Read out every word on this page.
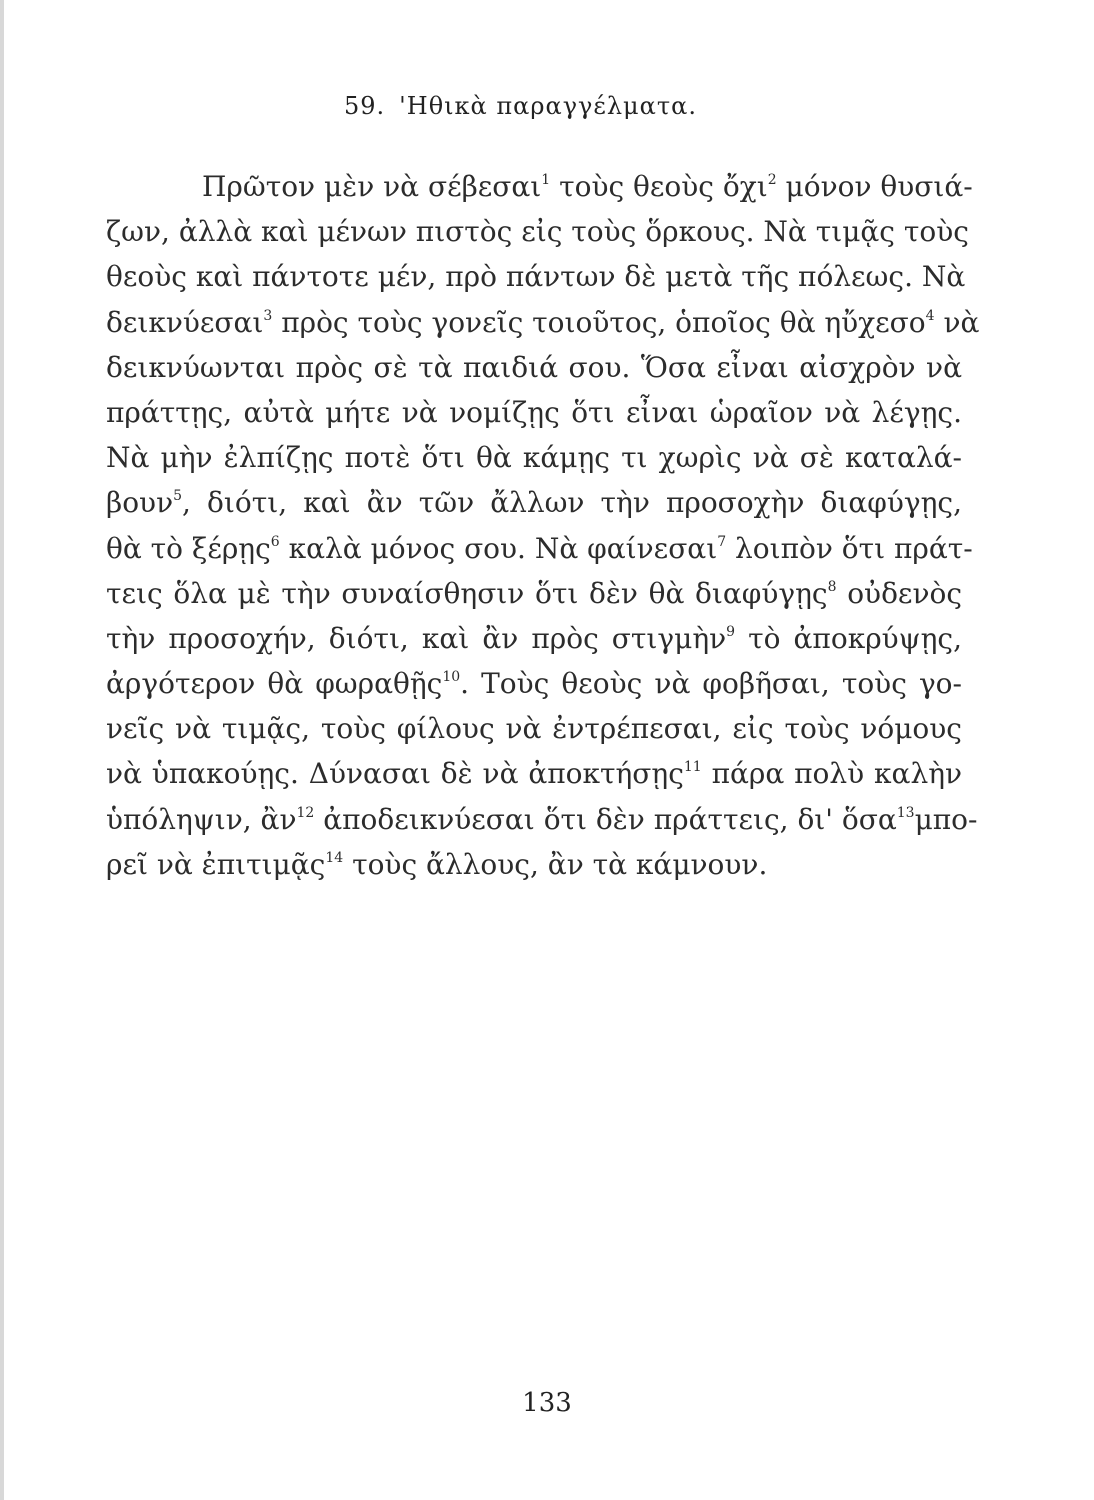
59. 'Ηθικὰ παραγγέλματα.
Πρῶτον μὲν νὰ σέβεσαι$^1$ τοὺς θεοὺς ὄχι$^2$ μόνον θυσιά-
ζων, ἀλλὰ καὶ μένων πιστὸς εἰς τοὺς ὅρκους. Νὰ τιμᾷς τοὺς
θεοὺς καὶ πάντοτε μέν, πρὸ πάντων δὲ μετὰ τῆς πόλεως. Νὰ
δεικνύεσαι$^3$ πρὸς τοὺς γονεῖς τοιοῦτος, ὁποῖος θὰ ηὔχεσο$^4$ νὰ
δεικνύωνται πρὸς σὲ τὰ παιδιά σου. Ὅσα εἶναι αἰσχρὸν νὰ
πράττῃς, αὐτὰ μήτε νὰ νομίζῃς ὅτι εἶναι ὡραῖον νὰ λέγῃς.
Νὰ μὴν ἐλπίζῃς ποτὲ ὅτι θὰ κάμῃς τι χωρὶς νὰ σὲ καταλά-
βουν$^5$, διότι, καὶ ἂν τῶν ἄλλων τὴν προσοχὴν διαφύγῃς,
θὰ τὸ ξέρῃς$^6$ καλὰ μόνος σου. Νὰ φαίνεσαι$^7$ λοιπὸν ὅτι πράτ-
τεις ὅλα μὲ τὴν συναίσθησιν ὅτι δὲν θὰ διαφύγῃς$^8$ οὐδενὸς
τὴν προσοχήν, διότι, καὶ ἂν πρὸς στιγμὴν$^9$ τὸ ἀποκρύψῃς,
ἀργότερον θὰ φωραθῇς$^{10}$. Τοὺς θεοὺς νὰ φοβῆσαι, τοὺς γο-
νεῖς νὰ τιμᾷς, τοὺς φίλους νὰ ἐντρέπεσαι, εἰς τοὺς νόμους
νὰ ὑπακούῃς. Δύνασαι δὲ νὰ ἀποκτήσῃς$^{11}$ πάρα πολὺ καλὴν
ὑπόληψιν, ἂν$^{12}$ ἀποδεικνύεσαι ὅτι δὲν πράττεις, δι' ὅσα$^{13}$μπο-
ρεῖ νὰ ἐπιτιμᾷς$^{14}$ τοὺς ἄλλους, ἂν τὰ κάμνουν.
133
